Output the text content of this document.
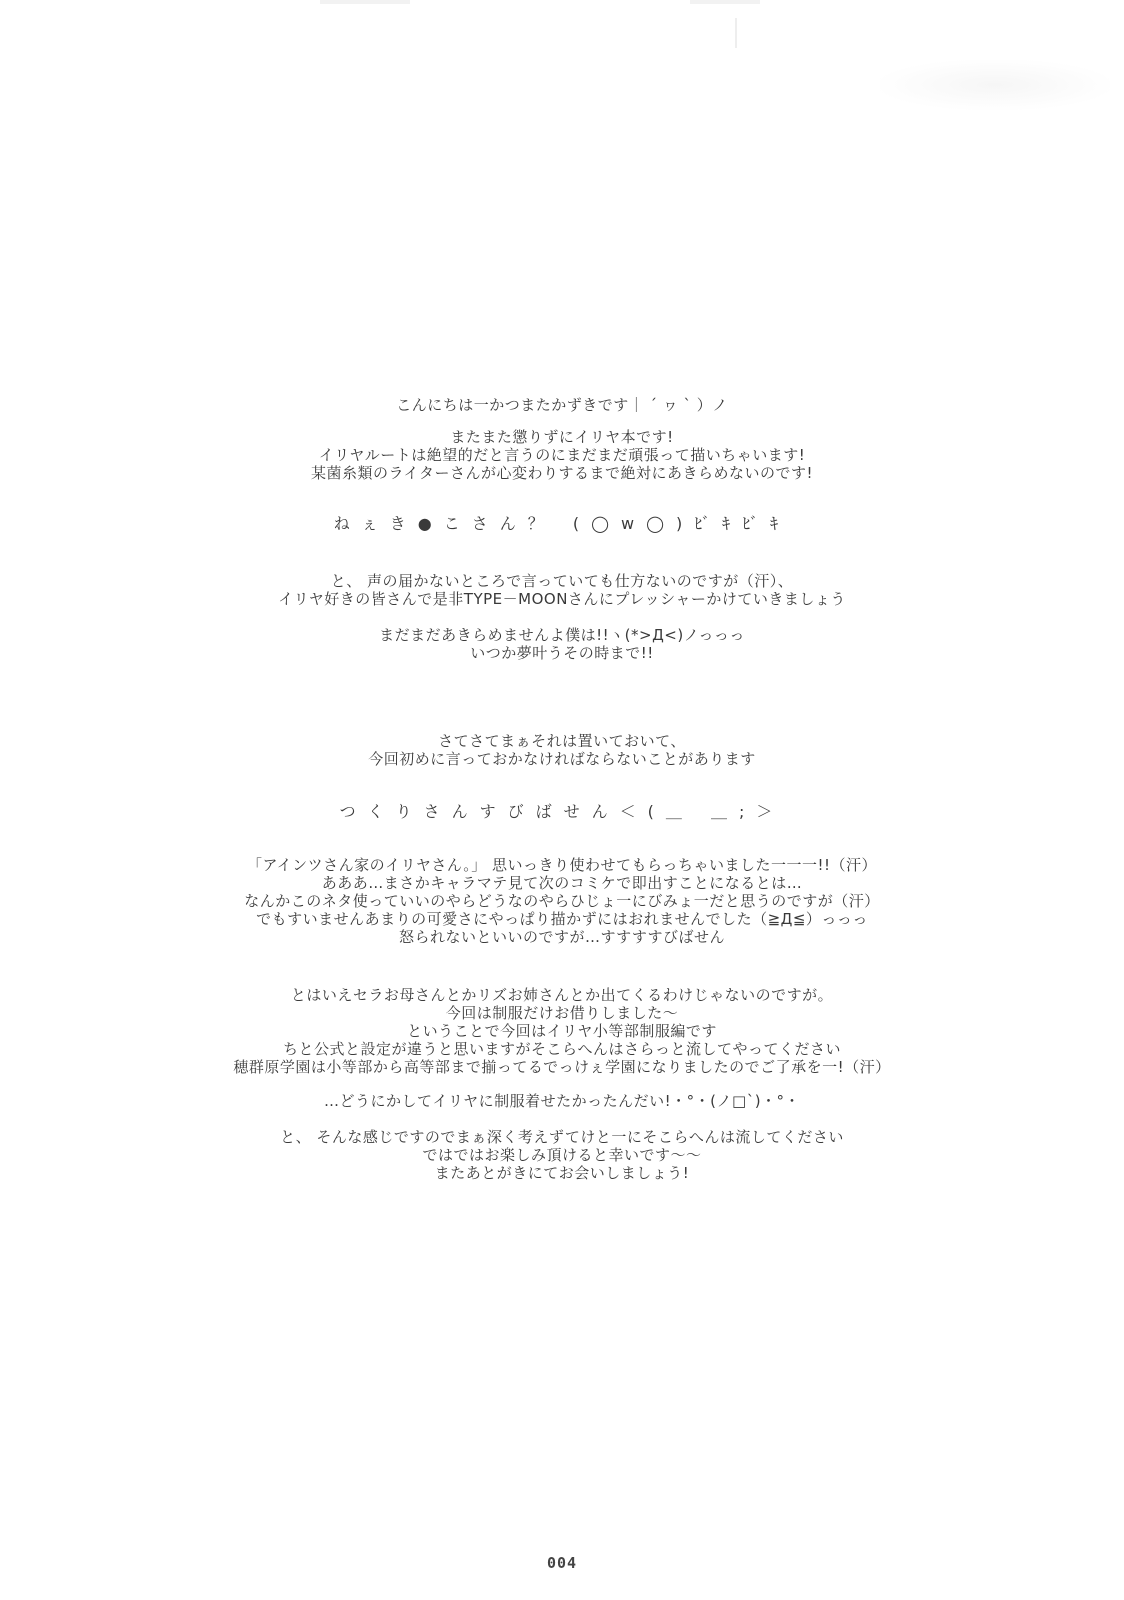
こんにちは一かつまたかずきです｜ ´ ヮ ` ）ノ
またまた懲りずにイリヤ本です!
イリヤルートは絶望的だと言うのにまだまだ頑張って描いちゃいます!
某菌糸類のライターさんが心変わりするまで絶対にあきらめないのです!
ねぇき●こさん？ (◯w◯)ﾋﾞｷﾋﾞｷ
と、 声の届かないところで言っていても仕方ないのですが（汗）、
イリヤ好きの皆さんで是非TYPE－MOONさんにプレッシャーかけていきましょう
まだまだあきらめませんよ僕は!!ヽ(*>Д<)ノっっっ
いつか夢叶うその時まで!!
さてさてまぁそれは置いておいて、
今回初めに言っておかなければならないことがあります
つくりさんすびばせん＜(＿ ＿;＞
「アインツさん家のイリヤさん。」 思いっきり使わせてもらっちゃいました一一一!!（汗）
あああ…まさかキャラマテ見て次のコミケで即出すことになるとは…
なんかこのネタ使っていいのやらどうなのやらひじょ一にびみょ一だと思うのですが（汗）
でもすいませんあまりの可愛さにやっぱり描かずにはおれませんでした（≧Д≦）っっっ
怒られないといいのですが…すすすすびばせん
とはいえセラお母さんとかリズお姉さんとか出てくるわけじゃないのですが。
今回は制服だけお借りしました～
ということで今回はイリヤ小等部制服編です
ちと公式と設定が違うと思いますがそこらへんはさらっと流してやってください
穂群原学園は小等部から高等部まで揃ってるでっけぇ学園になりましたのでご了承を一!（汗）
…どうにかしてイリヤに制服着せたかったんだい!・°・(ノ□`)・°・
と、 そんな感じですのでまぁ深く考えずてけと一にそこらへんは流してください
ではではお楽しみ頂けると幸いです～～
またあとがきにてお会いしましょう!
004
